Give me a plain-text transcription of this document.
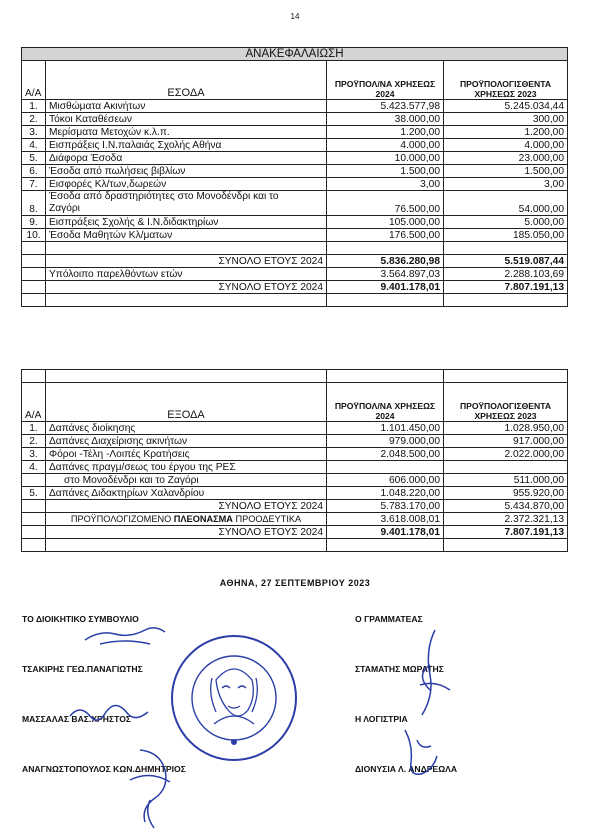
14
ΑΝΑΚΕΦΑΛΑΙΩΣΗ			
Α/Α	ΕΣΟΔΑ	ΠΡΟΫΠΟΛ/ΝΑ ΧΡΗΣΕΩΣ 2024	ΠΡΟΫΠΟΛΟΓΙΣΘΕΝΤΑ ΧΡΗΣΕΩΣ 2023
1.	Μισθώματα Ακινήτων	5.423.577,98	5.245.034,44
2.	Τόκοι Καταθέσεων	38.000,00	300,00
3.	Μερίσματα Μετοχών κ.λ.π.	1.200,00	1.200,00
4.	Εισπράξεις Ι.Ν.παλαιάς Σχολής Αθήνα	4.000,00	4.000,00
5.	Διάφορα Έσοδα	10.000,00	23.000,00
6.	Έσοδα από πωλήσεις βιβλίων	1.500,00	1.500,00
7.	Εισφορές Κλ/των,δωρεών	3,00	3,00
8.	Έσοδα από δραστηριότητες στο Μονοδένδρι και το
Ζαγόρι	76.500,00	54.000,00
9.	Εισπράξεις Σχολής & Ι.Ν.διδακτηρίων	105.000,00	5.000,00
10.	Έσοδα Μαθητών Κλ/ματων	176.500,00	185.050,00

	ΣΥΝΟΛΟ ΕΤΟΥΣ 2024	5.836.280,98	5.519.087,44
	Υπόλοιπο παρελθόντων ετών	3.564.897,03	2.288.103,69
	ΣΥΝΟΛΟ ΕΤΟΥΣ 2024	9.401.178,01	7.807.191,13

Α/Α	ΕΞΟΔΑ	ΠΡΟΫΠΟΛ/ΝΑ ΧΡΗΣΕΩΣ 2024	ΠΡΟΫΠΟΛΟΓΙΣΘΕΝΤΑ ΧΡΗΣΕΩΣ 2023
1.	Δαπάνες διοίκησης	1.101.450,00	1.028.950,00
2.	Δαπάνες Διαχείρισης ακινήτων	979.000,00	917.000,00
3.	Φόροι -Τέλη -Λοιπές Κρατήσεις	2.048.500,00	2.022.000,00
4.	Δαπάνες πραγμ/σεως του έργου της ΡΕΣ		
	στο Μονοδένδρι και το Ζαγόρι	606.000,00	511.000,00
5.	Δαπάνες Διδακτηρίων Χαλανδρίου	1.048.220,00	955.920,00
	ΣΥΝΟΛΟ ΕΤΟΥΣ 2024	5.783.170,00	5.434.870,00
	ΠΡΟΫΠΟΛΟΓΙΖΟΜΕΝΟ ΠΛΕΟΝΑΣΜΑ ΠΡΟΟΔΕΥΤΙΚΑ	3.618.008,01	2.372.321,13
	ΣΥΝΟΛΟ ΕΤΟΥΣ 2024	9.401.178,01	7.807.191,13

ΑΘΗΝΑ, 27 ΣΕΠΤΕΜΒΡΙΟΥ 2023
ΤΟ ΔΙΟΙΚΗΤΙΚΟ ΣΥΜΒΟΥΛΙΟ
ΤΣΑΚΙΡΗΣ ΓΕΩ.ΠΑΝΑΓΙΩΤΗΣ
ΜΑΣΣΑΛΑΣ ΒΑΣ.ΧΡΗΣΤΟΣ
ΑΝΑΓΝΩΣΤΟΠΟΥΛΟΣ ΚΩΝ.ΔΗΜΗΤΡΙΟΣ
Ο ΓΡΑΜΜΑΤΕΑΣ
ΣΤΑΜΑΤΗΣ ΜΩΡΑΤΗΣ
Η ΛΟΓΙΣΤΡΙΑ
ΔΙΟΝΥΣΙΑ Λ. ΑΝΔΡΕΩΛΑ
